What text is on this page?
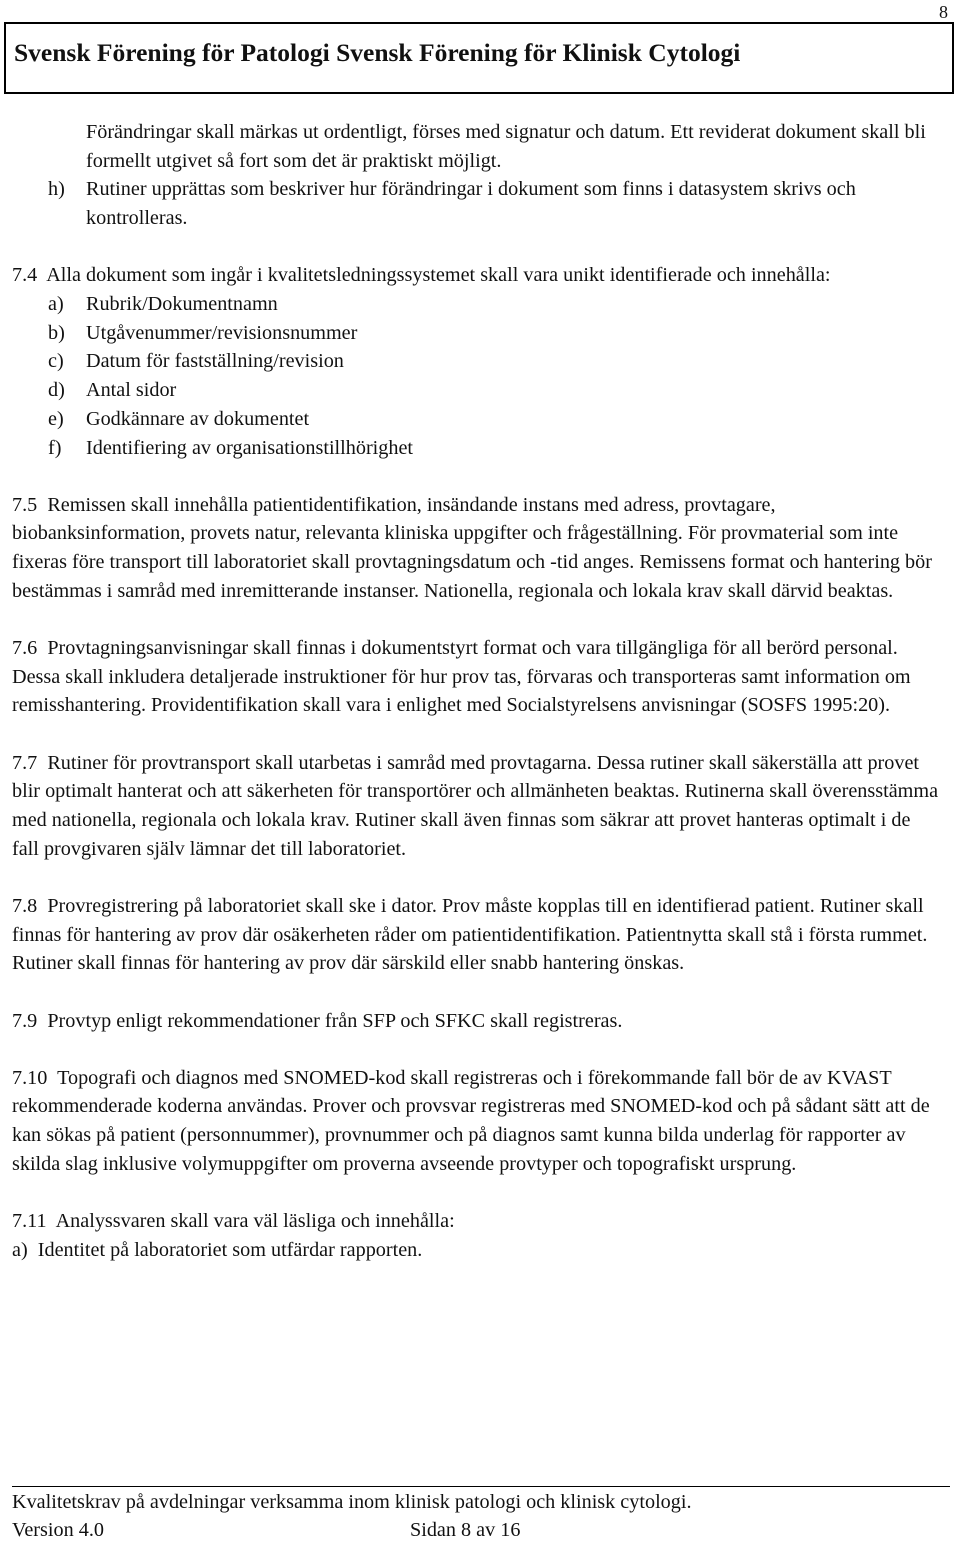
8
Svensk Förening för Patologi Svensk Förening för Klinisk Cytologi

Förändringar skall märkas ut ordentligt, förses med signatur och datum. Ett reviderat dokument skall bli formellt utgivet så fort som det är praktiskt möjligt.

h)	Rutiner upprättas som beskriver hur förändringar i dokument som finns i datasystem skrivs och kontrolleras.

7.4 Alla dokument som ingår i kvalitetsledningssystemet skall vara unikt identifierade och innehålla:

a)	Rubrik/Dokumentnamn
b)	Utgåvenummer/revisionsnummer
c)	Datum för fastställning/revision
d)	Antal sidor
e)	Godkännare av dokumentet
f)	Identifiering av organisationstillhörighet

7.5 Remissen skall innehålla patientidentifikation, insändande instans med adress, provtagare, biobanksinformation, provets natur, relevanta kliniska uppgifter och frågeställning. För provmaterial som inte fixeras före transport till laboratoriet skall provtagningsdatum och -tid anges. Remissens format och hantering bör bestämmas i samråd med inremitterande instanser. Nationella, regionala och lokala krav skall därvid beaktas.

7.6 Provtagningsanvisningar skall finnas i dokumentstyrt format och vara tillgängliga för all berörd personal. Dessa skall inkludera detaljerade instruktioner för hur prov tas, förvaras och transporteras samt information om remisshantering. Providentifikation skall vara i enlighet med Socialstyrelsens anvisningar (SOSFS 1995:20).

7.7 Rutiner för provtransport skall utarbetas i samråd med provtagarna. Dessa rutiner skall säkerställa att provet blir optimalt hanterat och att säkerheten för transportörer och allmänheten beaktas. Rutinerna skall överensstämma med nationella, regionala och lokala krav. Rutiner skall även finnas som säkrar att provet hanteras optimalt i de fall provgivaren själv lämnar det till laboratoriet.

7.8 Provregistrering på laboratoriet skall ske i dator. Prov måste kopplas till en identifierad patient. Rutiner skall finnas för hantering av prov där osäkerheten råder om patientidentifikation. Patientnytta skall stå i första rummet. Rutiner skall finnas för hantering av prov där särskild eller snabb hantering önskas.

7.9 Provtyp enligt rekommendationer från SFP och SFKC skall registreras.

7.10 Topografi och diagnos med SNOMED-kod skall registreras och i förekommande fall bör de av KVAST rekommenderade koderna användas. Prover och provsvar registreras med SNOMED-kod och på sådant sätt att de kan sökas på patient (personnummer), provnummer och på diagnos samt kunna bilda underlag för rapporter av skilda slag inklusive volymuppgifter om proverna avseende provtyper och topografiskt ursprung.

7.11 Analyssvaren skall vara väl läsliga och innehålla:

a) Identitet på laboratoriet som utfärdar rapporten.

Kvalitetskrav på avdelningar verksamma inom klinisk patologi och klinisk cytologi.
Version 4.0	Sidan 8 av 16
